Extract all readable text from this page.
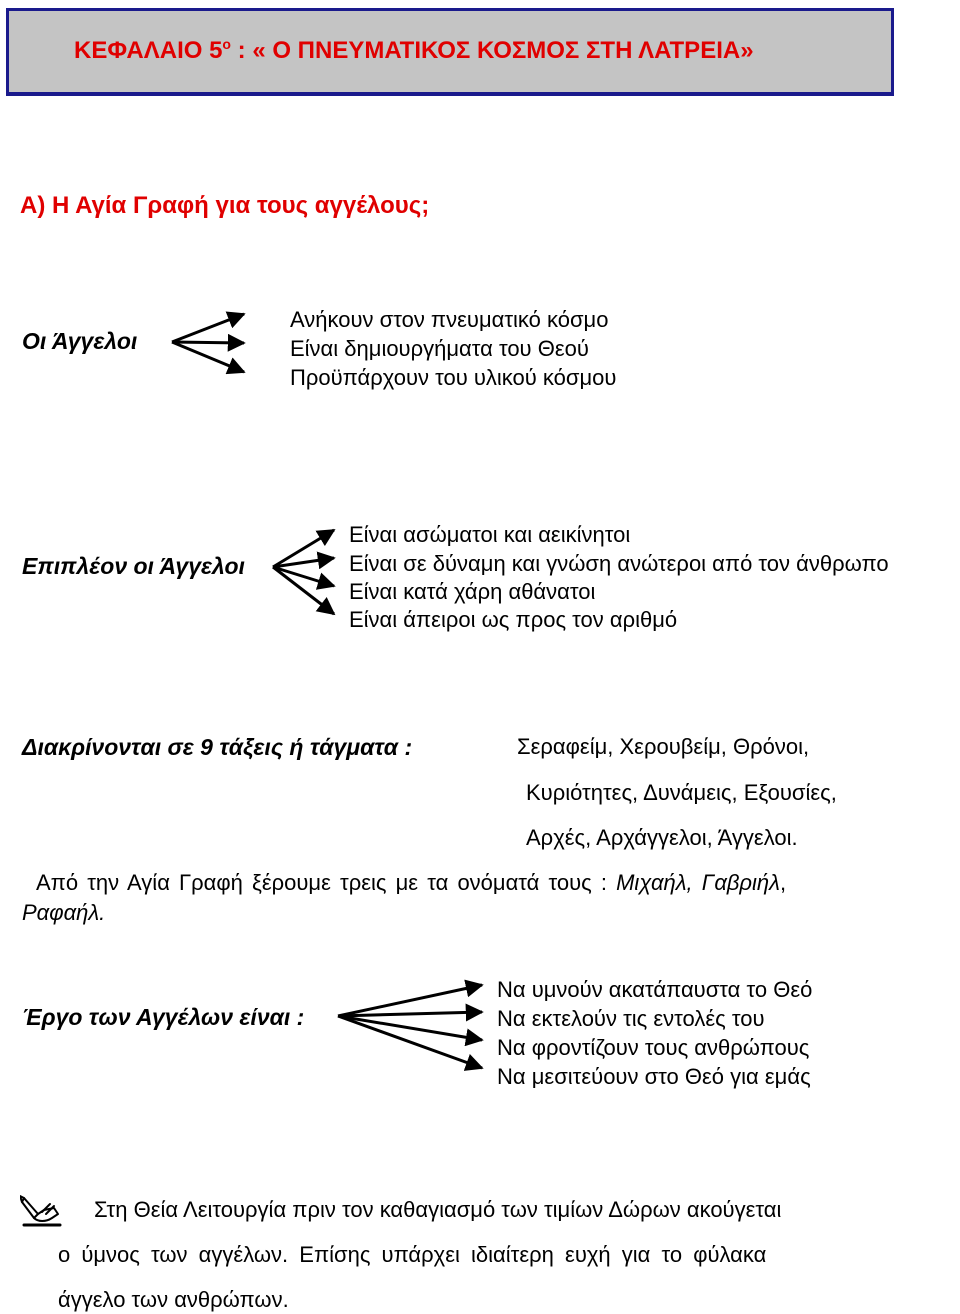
ΚΕΦΑΛΑΙΟ $5^o$ : « Ο ΠΝΕΥΜΑΤΙΚΟΣ ΚΟΣΜΟΣ ΣΤΗ ΛΑΤΡΕΙΑ»
Α) Η Αγία Γραφή για τους αγγέλους;
Οι Άγγελοι
Ανήκουν στον πνευματικό κόσμο
Είναι δημιουργήματα του Θεού
Προϋπάρχουν του υλικού κόσμου
Επιπλέον οι Άγγελοι
Είναι ασώματοι και αεικίνητοι
Είναι σε δύναμη και γνώση ανώτεροι από τον άνθρωπο
Είναι κατά χάρη αθάνατοι
Είναι άπειροι ως προς τον αριθμό
Διακρίνονται σε 9 τάξεις ή τάγματα :	Σεραφείμ, Χερουβείμ, Θρόνοι,
Κυριότητες, Δυνάμεις, Εξουσίες,
Αρχές, Αρχάγγελοι, Άγγελοι.
Από την Αγία Γραφή ξέρουμε τρεις με τα ονόματά τους : Μιχαήλ, Γαβριήλ,
Ραφαήλ.
Έργο των Αγγέλων είναι :
Να υμνούν ακατάπαυστα το Θεό
Να εκτελούν τις εντολές του
Να φροντίζουν τους ανθρώπους
Να μεσιτεύουν στο Θεό για εμάς
Στη Θεία Λειτουργία πριν τον καθαγιασμό των τιμίων Δώρων ακούγεται
ο ύμνος των αγγέλων. Επίσης υπάρχει ιδιαίτερη ευχή για το φύλακα
άγγελο των ανθρώπων.
